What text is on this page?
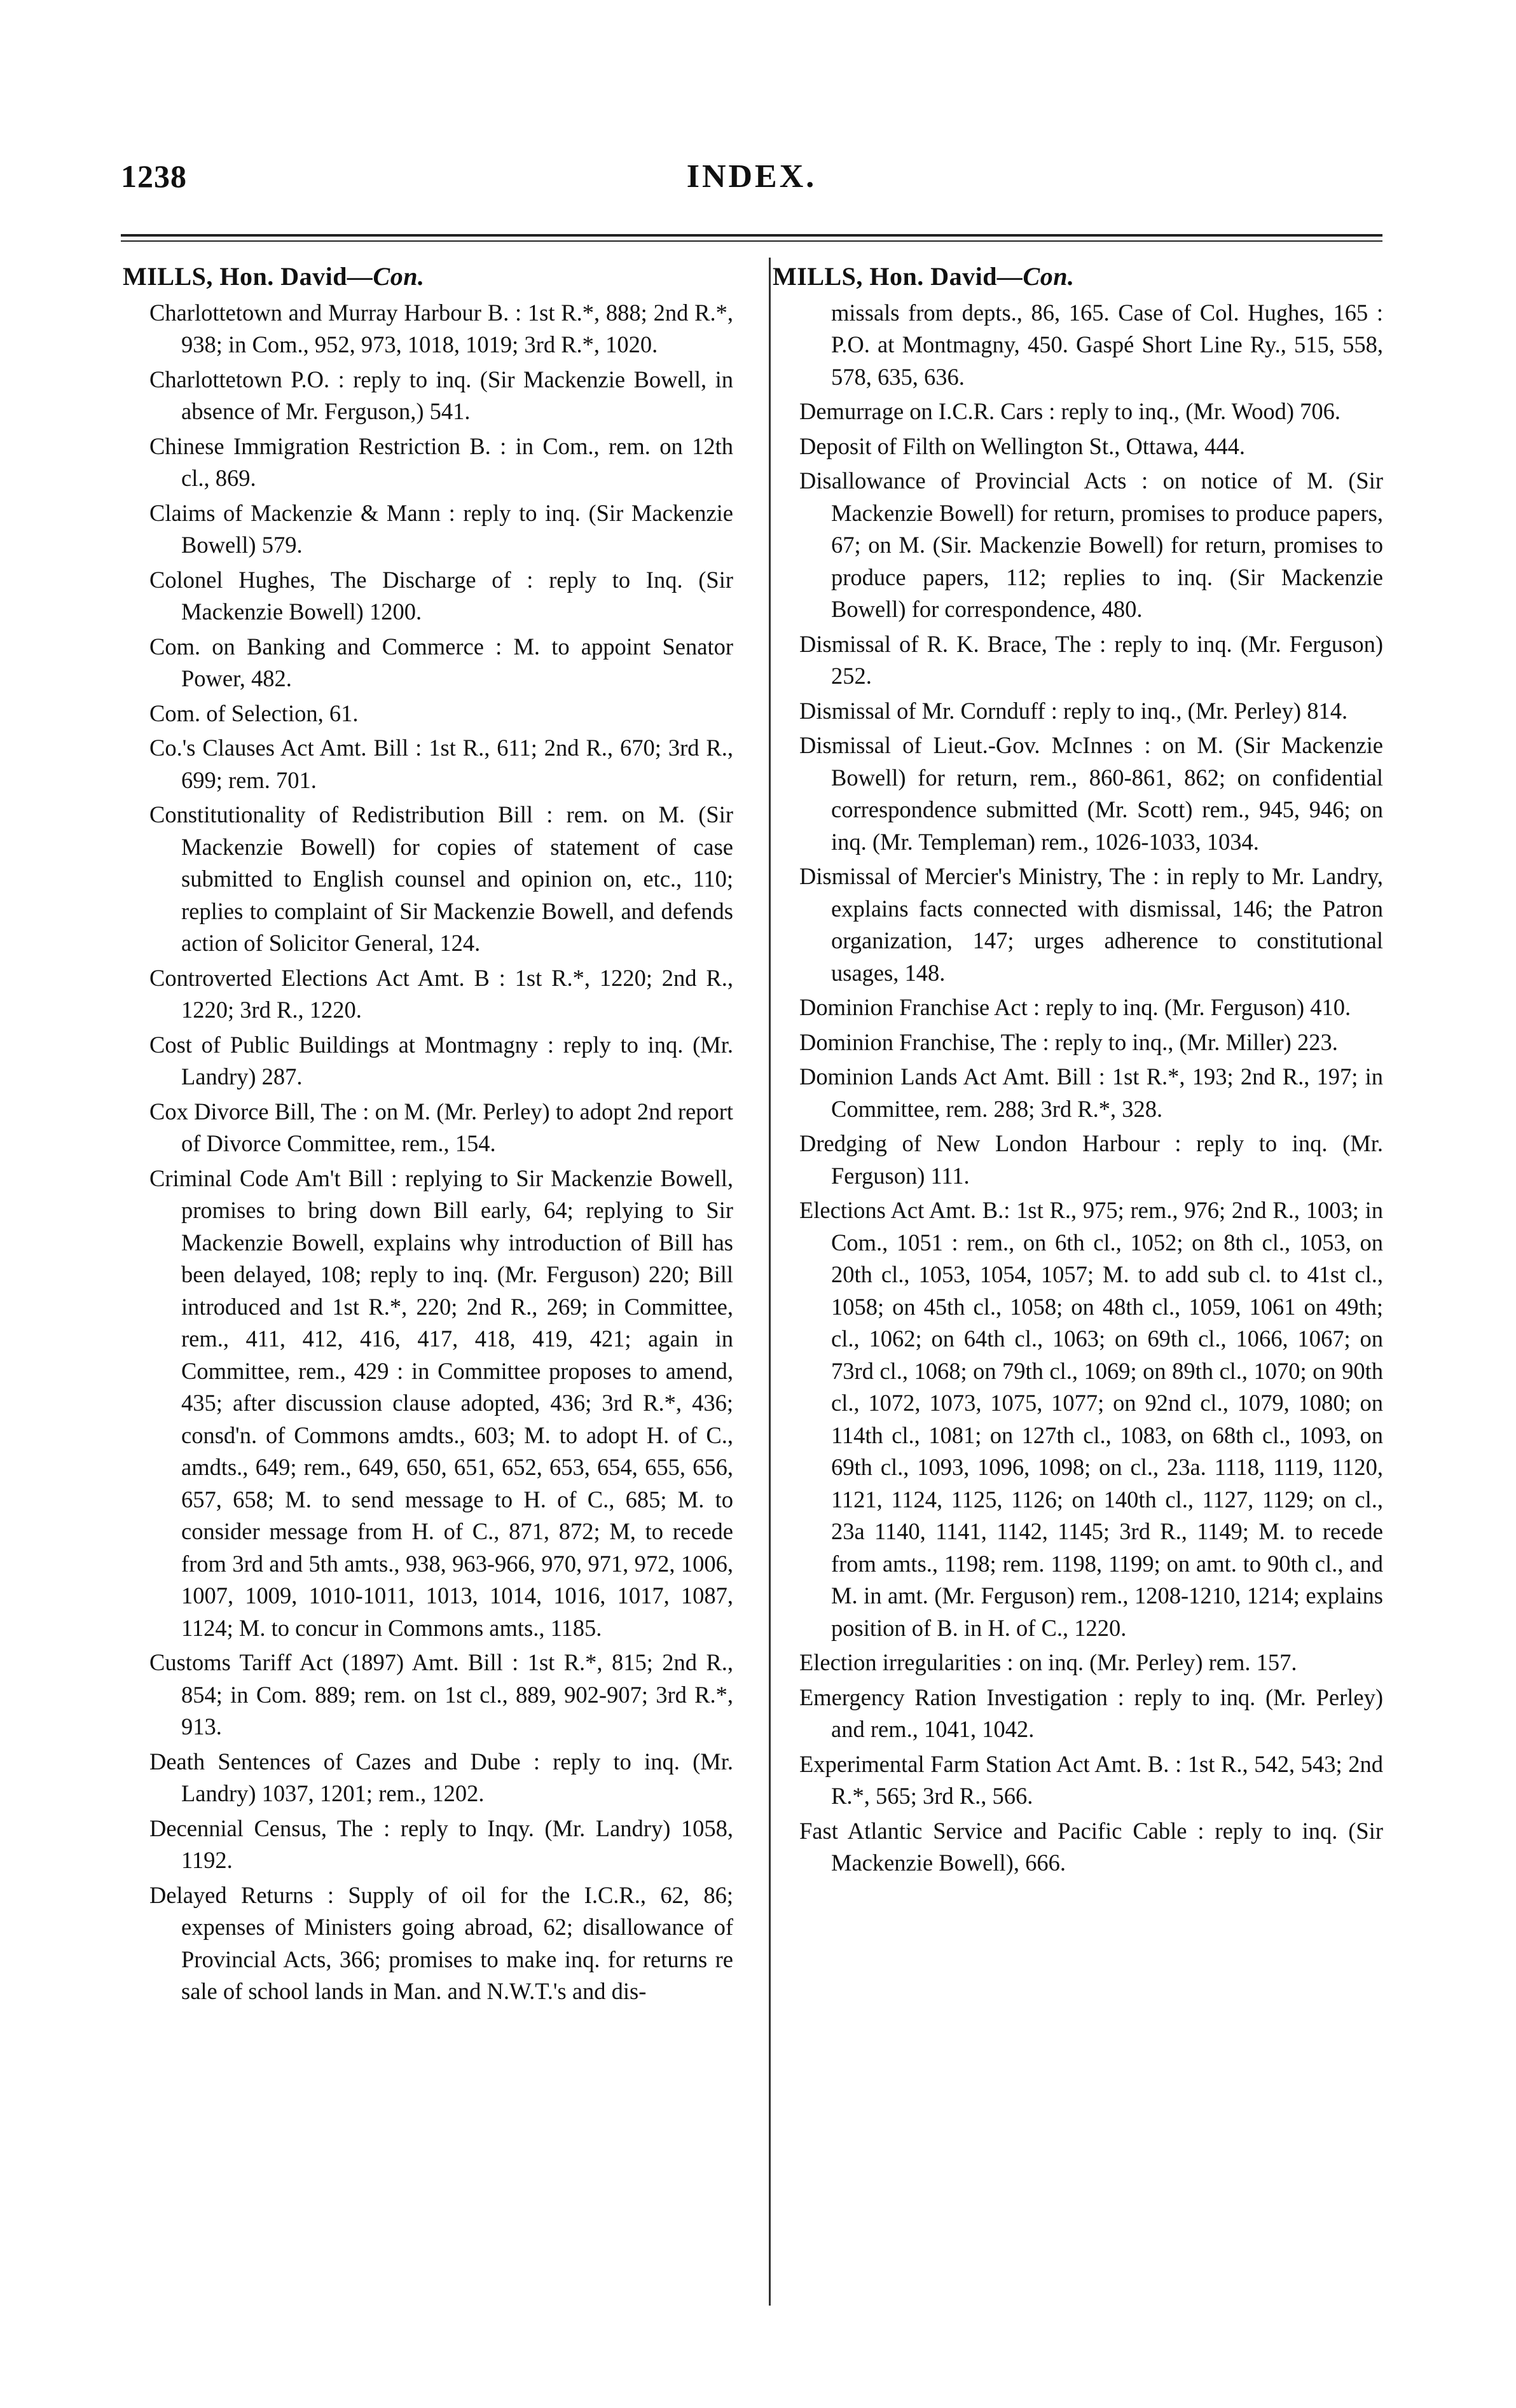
1238	INDEX.
MILLS, Hon. David—Con.
Charlottetown and Murray Harbour B. : 1st R.*, 888; 2nd R.*, 938; in Com., 952, 973, 1018, 1019; 3rd R.*, 1020.
Charlottetown P.O. : reply to inq. (Sir Mackenzie Bowell, in absence of Mr. Ferguson,) 541.
Chinese Immigration Restriction B. : in Com., rem. on 12th cl., 869.
Claims of Mackenzie & Mann : reply to inq. (Sir Mackenzie Bowell) 579.
Colonel Hughes, The Discharge of : reply to Inq. (Sir Mackenzie Bowell) 1200.
Com. on Banking and Commerce : M. to appoint Senator Power, 482.
Com. of Selection, 61.
Co.'s Clauses Act Amt. Bill : 1st R., 611; 2nd R., 670; 3rd R., 699; rem. 701.
Constitutionality of Redistribution Bill : rem. on M. (Sir Mackenzie Bowell) for copies of statement of case submitted to English counsel and opinion on, etc., 110; replies to complaint of Sir Mackenzie Bowell, and defends action of Solicitor General, 124.
Controverted Elections Act Amt. B : 1st R.*, 1220; 2nd R., 1220; 3rd R., 1220.
Cost of Public Buildings at Montmagny : reply to inq. (Mr. Landry) 287.
Cox Divorce Bill, The : on M. (Mr. Perley) to adopt 2nd report of Divorce Committee, rem., 154.
Criminal Code Am't Bill : replying to Sir Mackenzie Bowell, promises to bring down Bill early, 64; replying to Sir Mackenzie Bowell, explains why introduction of Bill has been delayed, 108; reply to inq. (Mr. Ferguson) 220; Bill introduced and 1st R.*, 220; 2nd R., 269; in Committee, rem., 411, 412, 416, 417, 418, 419, 421; again in Committee, rem., 429 : in Committee proposes to amend, 435; after discussion clause adopted, 436; 3rd R.*, 436; consd'n. of Commons amdts., 603; M. to adopt H. of C., amdts., 649; rem., 649, 650, 651, 652, 653, 654, 655, 656, 657, 658; M. to send message to H. of C., 685; M. to consider message from H. of C., 871, 872; M, to recede from 3rd and 5th amts., 938, 963-966, 970, 971, 972, 1006, 1007, 1009, 1010-1011, 1013, 1014, 1016, 1017, 1087, 1124; M. to concur in Commons amts., 1185.
Customs Tariff Act (1897) Amt. Bill : 1st R.*, 815; 2nd R., 854; in Com. 889; rem. on 1st cl., 889, 902-907; 3rd R.*, 913.
Death Sentences of Cazes and Dube : reply to inq. (Mr. Landry) 1037, 1201; rem., 1202.
Decennial Census, The : reply to Inqy. (Mr. Landry) 1058, 1192.
Delayed Returns : Supply of oil for the I.C.R., 62, 86; expenses of Ministers going abroad, 62; disallowance of Provincial Acts, 366; promises to make inq. for returns re sale of school lands in Man. and N.W.T.'s and dis-
MILLS, Hon. David—Con.

missals from depts., 86, 165. Case of Col. Hughes, 165 : P.O. at Montmagny, 450. Gaspé Short Line Ry., 515, 558, 578, 635, 636.

Demurrage on I.C.R. Cars : reply to inq., (Mr. Wood) 706.
Deposit of Filth on Wellington St., Ottawa, 444.
Disallowance of Provincial Acts : on notice of M. (Sir Mackenzie Bowell) for return, promises to produce papers, 67; on M. (Sir. Mackenzie Bowell) for return, promises to produce papers, 112; replies to inq. (Sir Mackenzie Bowell) for correspondence, 480.
Dismissal of R. K. Brace, The : reply to inq. (Mr. Ferguson) 252.
Dismissal of Mr. Cornduff : reply to inq., (Mr. Perley) 814.
Dismissal of Lieut.-Gov. McInnes : on M. (Sir Mackenzie Bowell) for return, rem., 860-861, 862; on confidential correspondence submitted (Mr. Scott) rem., 945, 946; on inq. (Mr. Templeman) rem., 1026-1033, 1034.
Dismissal of Mercier's Ministry, The : in reply to Mr. Landry, explains facts connected with dismissal, 146; the Patron organization, 147; urges adherence to constitutional usages, 148.
Dominion Franchise Act : reply to inq. (Mr. Ferguson) 410.
Dominion Franchise, The : reply to inq., (Mr. Miller) 223.
Dominion Lands Act Amt. Bill : 1st R.*, 193; 2nd R., 197; in Committee, rem. 288; 3rd R.*, 328.
Dredging of New London Harbour : reply to inq. (Mr. Ferguson) 111.
Elections Act Amt. B.: 1st R., 975; rem., 976; 2nd R., 1003; in Com., 1051 : rem., on 6th cl., 1052; on 8th cl., 1053, on 20th cl., 1053, 1054, 1057; M. to add sub cl. to 41st cl., 1058; on 45th cl., 1058; on 48th cl., 1059, 1061 on 49th; cl., 1062; on 64th cl., 1063; on 69th cl., 1066, 1067; on 73rd cl., 1068; on 79th cl., 1069; on 89th cl., 1070; on 90th cl., 1072, 1073, 1075, 1077; on 92nd cl., 1079, 1080; on 114th cl., 1081; on 127th cl., 1083, on 68th cl., 1093, on 69th cl., 1093, 1096, 1098; on cl., 23a. 1118, 1119, 1120, 1121, 1124, 1125, 1126; on 140th cl., 1127, 1129; on cl., 23a 1140, 1141, 1142, 1145; 3rd R., 1149; M. to recede from amts., 1198; rem. 1198, 1199; on amt. to 90th cl., and M. in amt. (Mr. Ferguson) rem., 1208-1210, 1214; explains position of B. in H. of C., 1220.
Election irregularities : on inq. (Mr. Perley) rem. 157.
Emergency Ration Investigation : reply to inq. (Mr. Perley) and rem., 1041, 1042.
Experimental Farm Station Act Amt. B. : 1st R., 542, 543; 2nd R.*, 565; 3rd R., 566.
Fast Atlantic Service and Pacific Cable : reply to inq. (Sir Mackenzie Bowell), 666.
